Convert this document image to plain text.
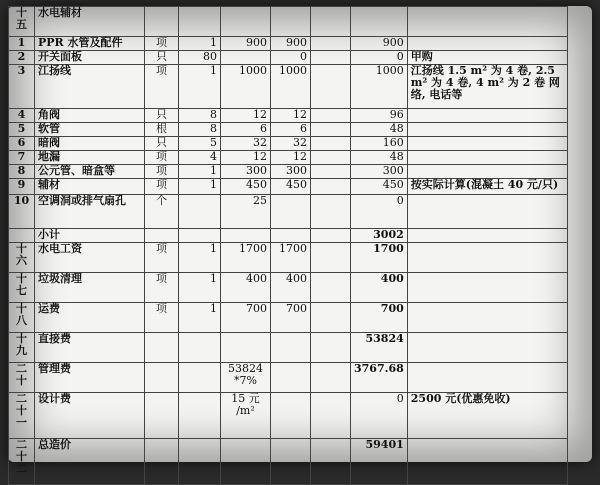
十
五	水电辅材							
1	PPR 水管及配件	项	1	900	900		900	
2	开关面板	只	80		0		0	甲购
3	江扬线	项	1	1000	1000		1000	江扬线 1.5 m² 为 4 卷, 2.5 m² 为 4 卷, 4 m² 为 2 卷 网络, 电话等
4	角阀	只	8	12	12		96	
5	软管	根	8	6	6		48	
6	暗阀	只	5	32	32		160	
7	地漏	项	4	12	12		48	
8	公元管、暗盒等	项	1	300	300		300	
9	辅材	项	1	450	450		450	按实际计算(混凝土 40 元/只)
10	空调洞或排气扇孔	个		25			0	
	小计						3002	

十
六	水电工资	项	1	1700	1700		1700	

十
七	垃圾清理	项	1	400	400		400	

十
八	运费	项	1	700	700		700	

十
九	直接费						53824	

二
十	管理费			53824 *7%			3767.68	

二
十
一	设计费			15 元 /m²			0	2500 元(优惠免收)

二
十
二	总造价						59401	
